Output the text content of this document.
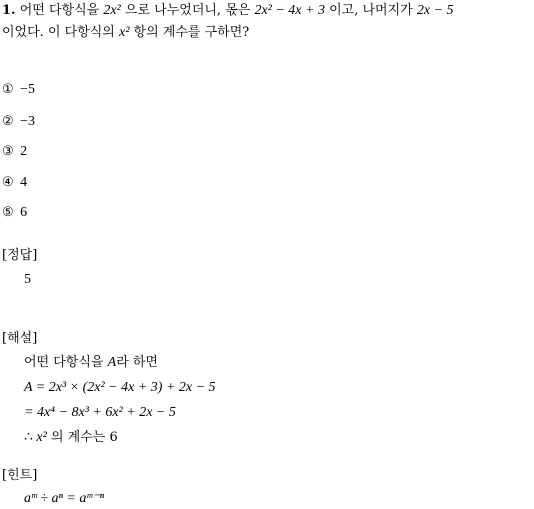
1. 어떤 다항식을 2x² 으로 나누었더니, 몫은 2x² − 4x + 3 이고, 나머지가 2x − 5
이었다. 이 다항식의 x² 항의 계수를 구하면?
① −5
② −3
③ 2
④ 4
⑤ 6
[정답]
5
[해설]
어떤 다항식을 A라 하면
A = 2x³ × (2x² − 4x + 3) + 2x − 5
= 4x⁴ − 8x³ + 6x² + 2x − 5
∴ x² 의 계수는 6
[힌트]
aᵐ ÷ aⁿ = aᵐ⁻ⁿ
